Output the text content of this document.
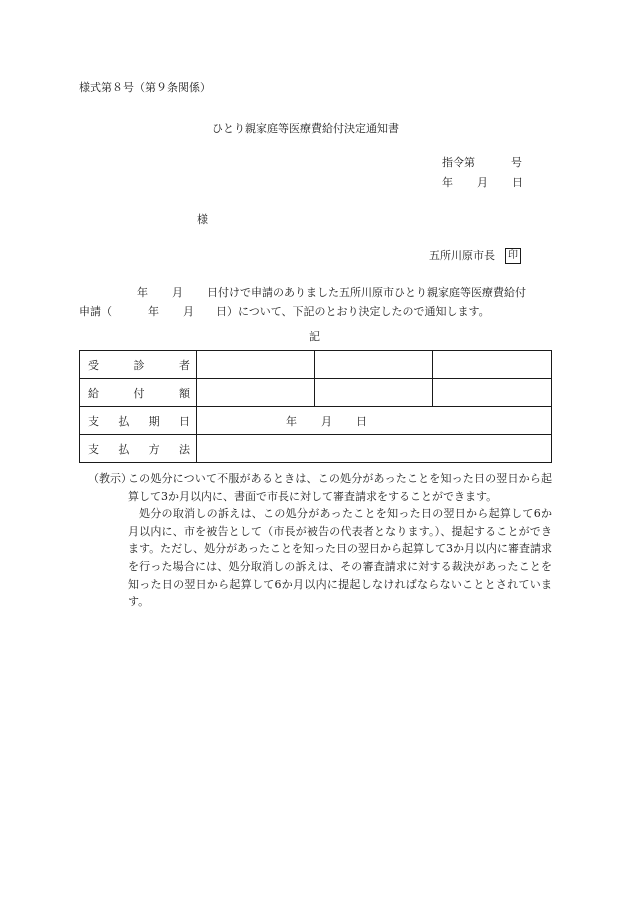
様式第８号（第９条関係）
ひとり親家庭等医療費給付決定通知書
指令第	号
年 月 日
様
五所川原市長 印
年 月 日付けで申請のありました五所川原市ひとり親家庭等医療費給付
申請（	年 月 日）について、下記のとおり決定したので通知します。
記
受 診 者			

給 付 額			

支 払 期 日	年 月 日		

支 払 方 法			

（教示）

この処分について不服があるときは、この処分があったことを知った日の翌日から起算して3か月以内に、書面で市長に対して審査請求をすることができます。

処分の取消しの訴えは、この処分があったことを知った日の翌日から起算して6か月以内に、市を被告として（市長が被告の代表者となります。）、提起することができます。ただし、処分があったことを知った日の翌日から起算して3か月以内に審査請求を行った場合には、処分取消しの訴えは、その審査請求に対する裁決があったことを知った日の翌日から起算して6か月以内に提起しなければならないこととされています。
